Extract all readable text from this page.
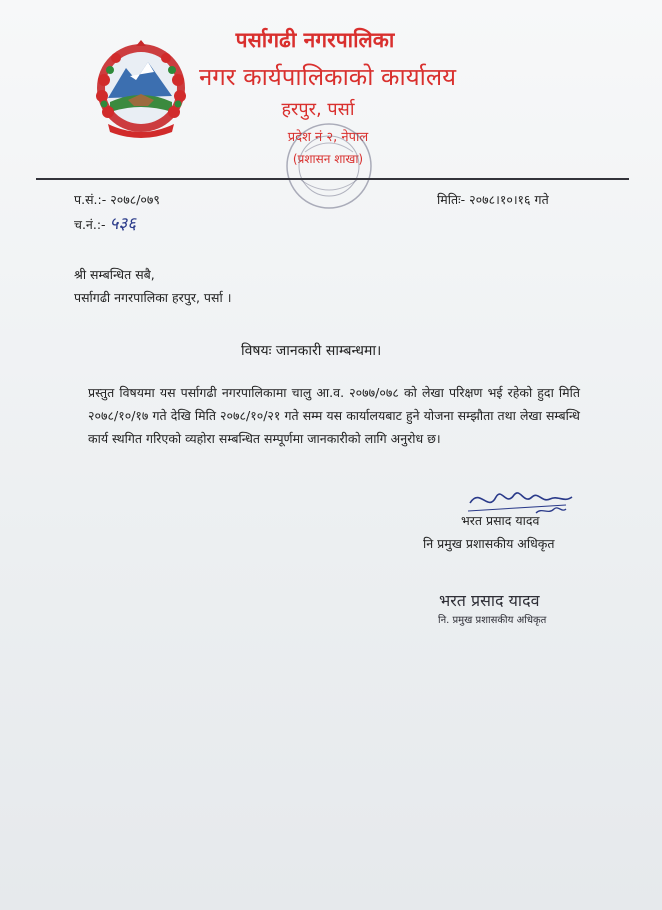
पर्सागढी नगरपालिका
नगर कार्यपालिकाको कार्यालय
हरपुर, पर्सा
प्रदेश नं २, नेपाल
(प्रशासन शाखा)
प.सं.:- २०७८/०७९
च.नं.:- ५३६
मितिः- २०७८।१०।१६ गते
श्री सम्बन्धित सबै,
पर्सागढी नगरपालिका हरपुर, पर्सा ।
विषयः जानकारी साम्बन्धमा।
प्रस्तुत विषयमा यस पर्सागढी नगरपालिकामा चालु आ.व. २०७७/०७८ को लेखा परिक्षण भई रहेको हुदा मिति २०७८/१०/१७ गते देखि मिति २०७८/१०/२१ गते सम्म यस कार्यालयबाट हुने योजना सम्झौता तथा लेखा सम्बन्धि कार्य स्थगित गरिएको व्यहोरा सम्बन्धित सम्पूर्णमा जानकारीको लागि अनुरोध छ।
भरत प्रसाद यादव
नि प्रमुख प्रशासकीय अधिकृत
भरत प्रसाद यादव
नि. प्रमुख प्रशासकीय अधिकृत
